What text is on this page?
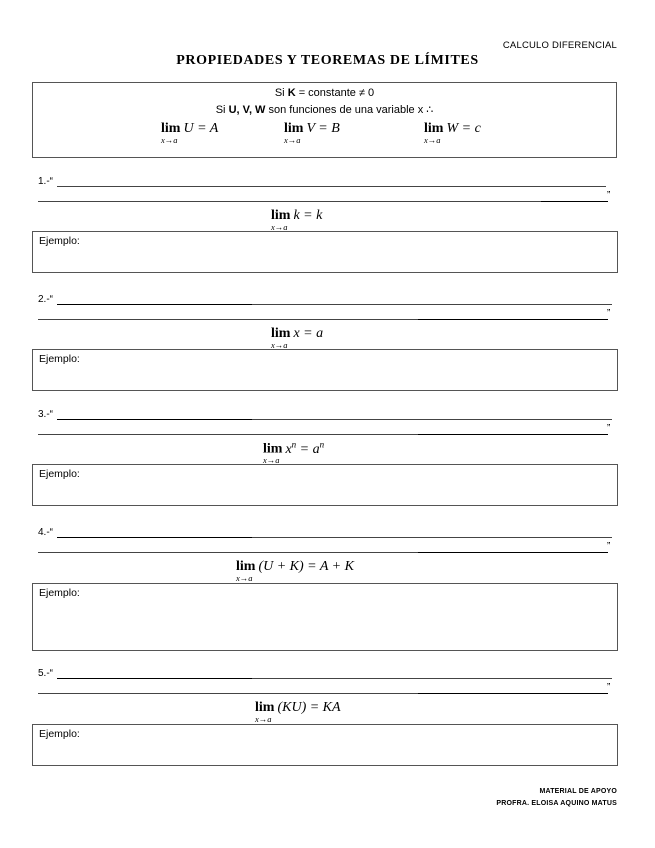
CALCULO DIFERENCIAL
PROPIEDADES Y TEOREMAS DE LÍMITES
Si K = constante ≠ 0
Si U, V, W son funciones de una variable x ∴
lim U = A
x→a
lim V = B
x→a
lim W = c
x→a
1.-“
”
lim k = k
x→a
Ejemplo:
2.-“
”
lim x = a
x→a
Ejemplo:
3.-“
”
$\lim x^n = a^n$
x→a
Ejemplo:
4.-“
”
lim (U + K) = A + K
x→a
Ejemplo:
5.-“
”
lim (KU) = KA
x→a
Ejemplo:
MATERIAL DE APOYO
PROFRA. ELOISA AQUINO MATUS
